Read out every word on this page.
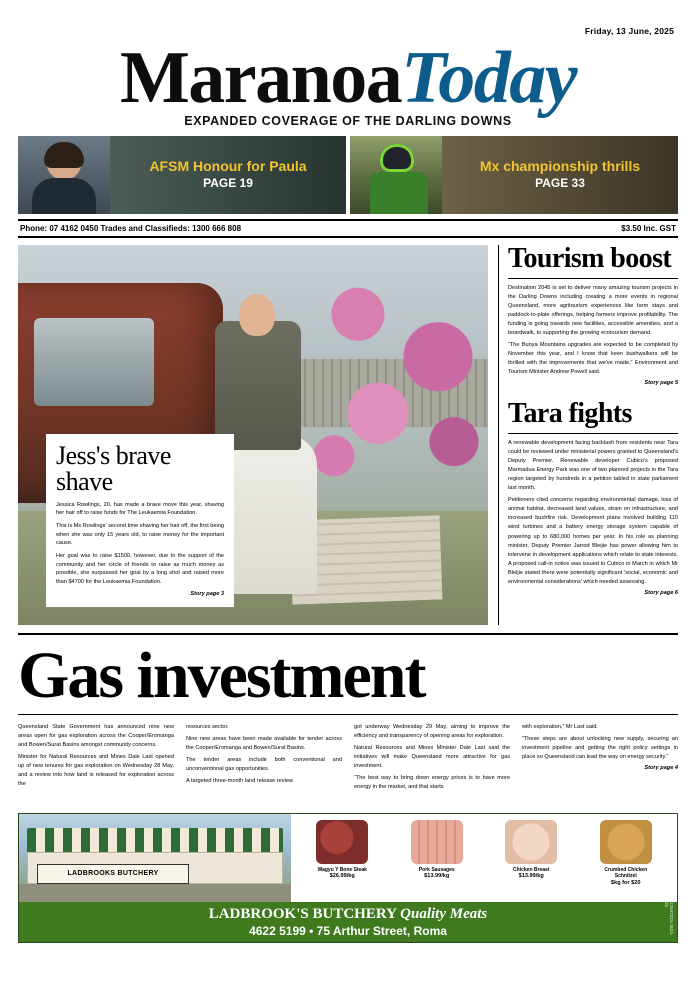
Friday, 13 June, 2025
MaranoaToday
EXPANDED COVERAGE OF THE DARLING DOWNS
AFSM Honour for Paula
PAGE 19
Mx championship thrills
PAGE 33
Phone: 07 4162 0450 Trades and Classifieds: 1300 666 808	$3.50 Inc. GST
Jess's brave shave

Jessica Rowlings, 20, has made a brave move this year, shaving her hair off to raise funds for The Leukaemia Foundation.

This is Ms Rowlings' second time shaving her hair off, the first being when she was only 15 years old, to raise money for the important cause.

Her goal was to raise $1500, however, due to the support of the community and her circle of friends to raise as much money as possible, she surpassed her goal by a long shot and raised more than $4700 for the Leukaemia Foundation.

Story page 3
Tourism boost

Destination 2045 is set to deliver many amazing tourism projects in the Darling Downs including creating a more events in regional Queensland, more agritourism experiences like farm stays and paddock-to-plate offerings, helping farmers improve profitability. The funding is going towards new facilities, accessible amenities, and a boardwalk, to supporting the growing ecotourism demand.

“The Bunya Mountains upgrades are expected to be completed by November this year, and I know that keen bushwalkers will be thrilled with the improvements that we've made,” Environment and Tourism Minister Andrew Powell said.

Story page 5
Tara fights

A renewable development facing backlash from residents near Tara could be reviewed under ministerial powers granted to Queensland's Deputy Premier. Renewable developer Cubico's proposed Marmadua Energy Park was one of two planned projects in the Tara region targeted by hundreds in a petition tabled in state parliament last month.

Petitioners cited concerns regarding environmental damage, loss of animal habitat, decreased land values, strain on infrastructure, and increased bushfire risk. Development plans involved building 110 wind turbines and a battery energy storage system capable of powering up to 680,000 homes per year. In his role as planning minister, Deputy Premier Jarrod Bleijie has power allowing him to intervene in development applications which relate to state interests. A proposed call-in notice was issued to Cubico in March in which Mr Bleijie stated there were potentially significant 'social, economic and environmental considerations' which needed assessing.

Story page 6
Gas investment

Queensland State Government has announced nine new areas open for gas exploration across the Cooper/Eromanga and Bowen/Surat Basins amongst community concerns.

Minister for Natural Resources and Mines Dale Last opened up of new tenures for gas exploration on Wednesday 28 May, and a review into how land is released for exploration across the

resources sector.

Nine new areas have been made available for tender across the Cooper/Eromanga and Bowen/Surat Basins.

The tender areas include both conventional and unconventional gas opportunities.

A targeted three-month land release review

got underway Wednesday 29 May, aiming to improve the efficiency and transparency of opening areas for exploration.

Natural Resources and Mines Minister Dale Last said the initiatives will make Queensland more attractive for gas investment.

“The best way to bring down energy prices is to have more energy in the market, and that starts

with exploration,” Mr Last said.

“These steps are about unlocking new supply, securing an investment pipeline and getting the right policy settings in place so Queensland can lead the way on energy security.”

Story page 4
LADBROOKS BUTCHERY
Wagyu Y Bone Steak
$26.99/kg
Pork Sausages
$13.99/kg
Chicken Breast
$13.99/kg
Crumbed Chicken Schnitzel
$kg for $20
LADBROOK'S BUTCHERY Quality Meats
4622 5199 • 75 Arthur Street, Roma	12697324-JB24-25
